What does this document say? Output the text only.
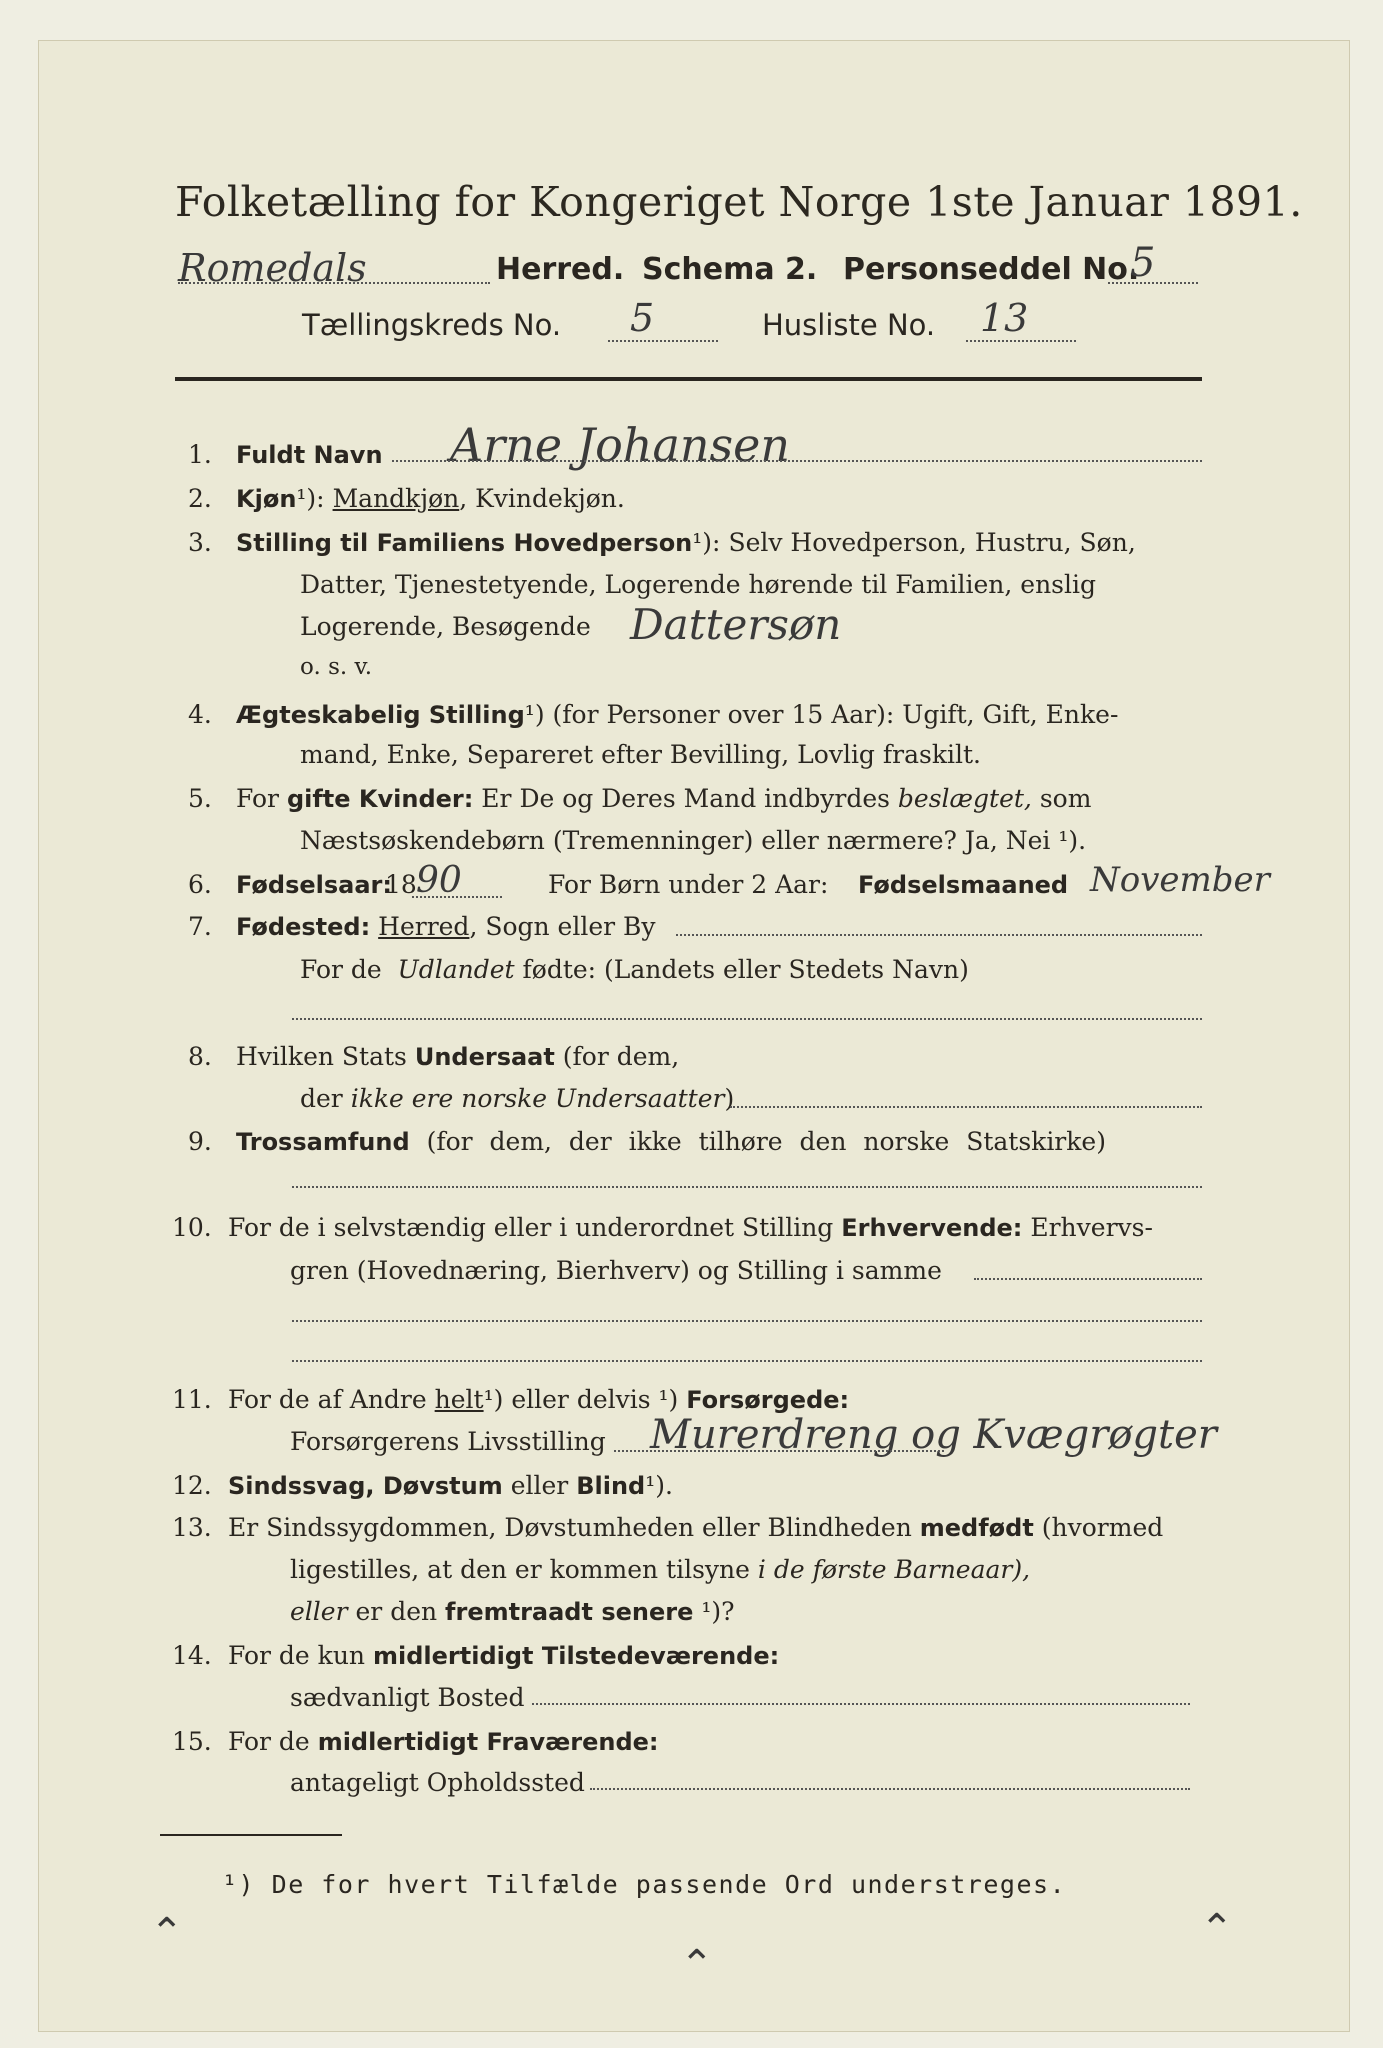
Folketælling for Kongeriget Norge 1ste Januar 1891.
Romedals	Herred. Schema 2. Personseddel No.
5
Tællingskreds No. 5	Husliste No. 13
1. Fuldt Navn Arne Johansen
2. Kjøn¹): Mandkjøn, Kvindekjøn.
3. Stilling til Familiens Hovedperson¹): Selv Hovedperson, Hustru, Søn,
Datter, Tjenestetyende, Logerende hørende til Familien, enslig
Logerende, Besøgende Dattersøn
o. s. v.
4. Ægteskabelig Stilling¹) (for Personer over 15 Aar): Ugift, Gift, Enke-
mand, Enke, Separeret efter Bevilling, Lovlig fraskilt.
5. For gifte Kvinder: Er De og Deres Mand indbyrdes beslægtet, som
Næstsøskendebørn (Tremenninger) eller nærmere? Ja, Nei ¹).
6. Fødselsaar:
18 90	For Børn under 2 Aar: Fødselsmaaned November
7. Fødested: Herred, Sogn eller By
For de Udlandet fødte: (Landets eller Stedets Navn)
8. Hvilken Stats Undersaat (for dem,
der ikke ere norske Undersaatter)
9. Trossamfund (for dem, der ikke tilhøre den norske Statskirke)
10. For de i selvstændig eller i underordnet Stilling Erhvervende: Erhvervs-
gren (Hovednæring, Bierhverv) og Stilling i samme
11. For de af Andre helt¹) eller delvis ¹) Forsørgede:
Forsørgerens Livsstilling Murerdreng og Kvægrøgter
12. Sindssvag, Døvstum eller Blind¹).
13. Er Sindssygdommen, Døvstumheden eller Blindheden medfødt (hvormed
ligestilles, at den er kommen tilsyne i de første Barneaar),
eller er den fremtraadt senere ¹)?
14. For de kun midlertidigt Tilstedeværende:
sædvanligt Bosted
15. For de midlertidigt Fraværende:
antageligt Opholdssted
¹) De for hvert Tilfælde passende Ord understreges.
⌃
⌃
⌃
